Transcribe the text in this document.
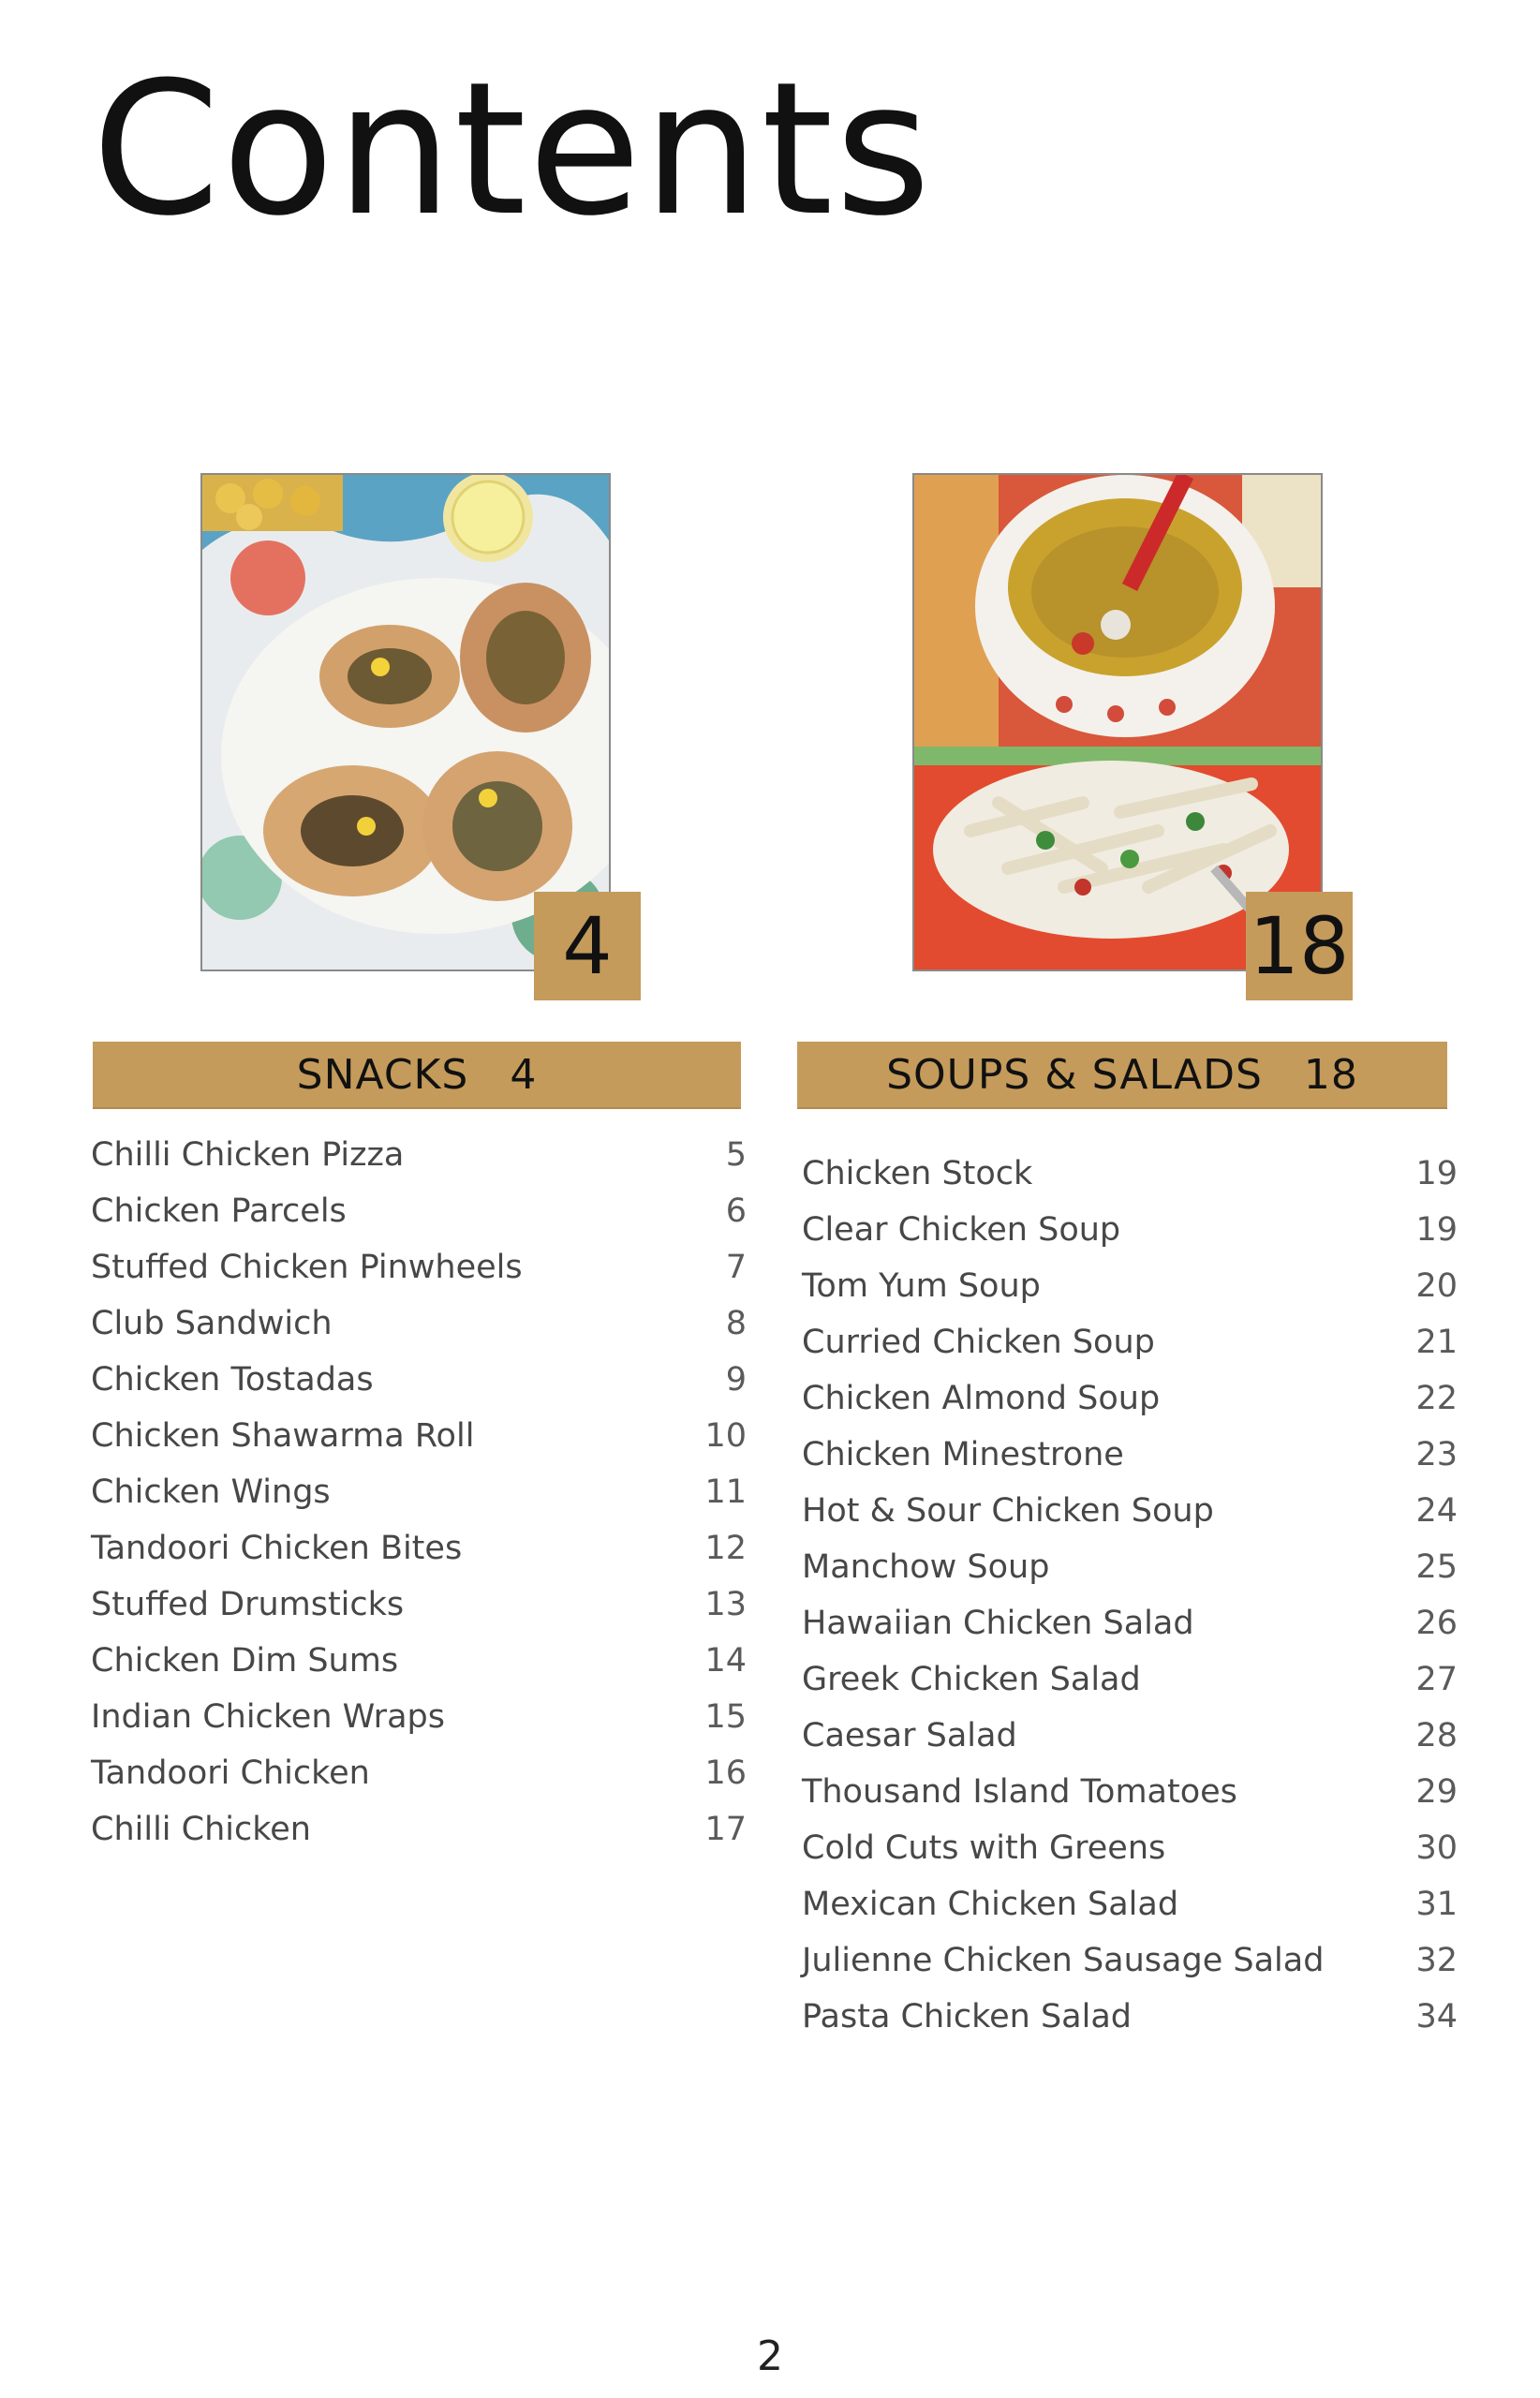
Contents
4	18
SNACKS 4	SOUPS & SALADS 18
Chilli Chicken Pizza	5
Chicken Parcels	6
Stuffed Chicken Pinwheels	7
Club Sandwich	8
Chicken Tostadas	9
Chicken Shawarma Roll	10
Chicken Wings	11
Tandoori Chicken Bites	12
Stuffed Drumsticks	13
Chicken Dim Sums	14
Indian Chicken Wraps	15
Tandoori Chicken	16
Chilli Chicken	17
Chicken Stock	19
Clear Chicken Soup	19
Tom Yum Soup	20
Curried Chicken Soup	21
Chicken Almond Soup	22
Chicken Minestrone	23
Hot & Sour Chicken Soup	24
Manchow Soup	25
Hawaiian Chicken Salad	26
Greek Chicken Salad	27
Caesar Salad	28
Thousand Island Tomatoes	29
Cold Cuts with Greens	30
Mexican Chicken Salad	31
Julienne Chicken Sausage Salad	32
Pasta Chicken Salad	34
2
